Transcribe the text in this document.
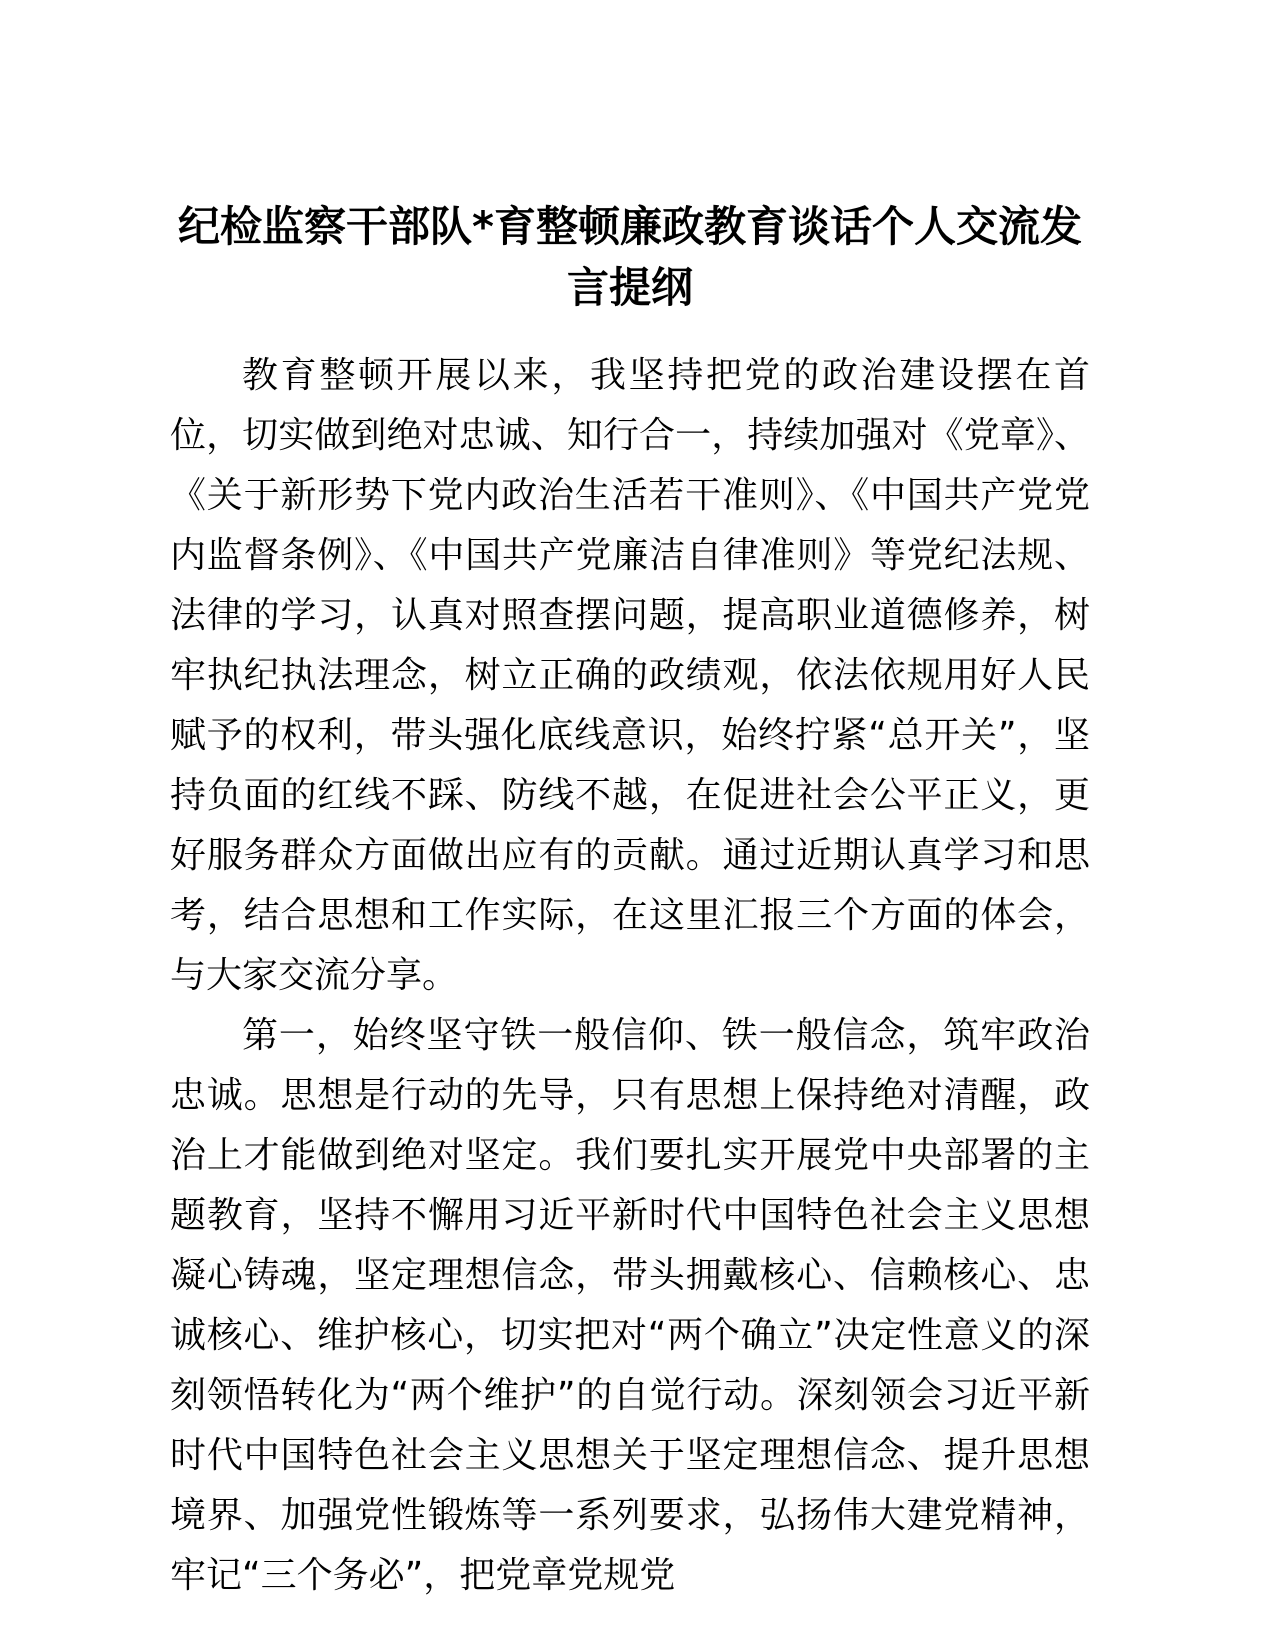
纪检监察干部队*育整顿廉政教育谈话个人交流发言提纲

教育整顿开展以来，我坚持把党的政治建设摆在首位，切实做到绝对忠诚、知行合一，持续加强对《党章》、《关于新形势下党内政治生活若干准则》、《中国共产党党内监督条例》、《中国共产党廉洁自律准则》等党纪法规、法律的学习，认真对照查摆问题，提高职业道德修养，树牢执纪执法理念，树立正确的政绩观，依法依规用好人民赋予的权利，带头强化底线意识，始终拧紧“总开关”，坚持负面的红线不踩、防线不越，在促进社会公平正义，更好服务群众方面做出应有的贡献。通过近期认真学习和思考，结合思想和工作实际，在这里汇报三个方面的体会，与大家交流分享。

第一，始终坚守铁一般信仰、铁一般信念，筑牢政治忠诚。思想是行动的先导，只有思想上保持绝对清醒，政治上才能做到绝对坚定。我们要扎实开展党中央部署的主题教育，坚持不懈用习近平新时代中国特色社会主义思想凝心铸魂，坚定理想信念，带头拥戴核心、信赖核心、忠诚核心、维护核心，切实把对“两个确立”决定性意义的深刻领悟转化为“两个维护”的自觉行动。深刻领会习近平新时代中国特色社会主义思想关于坚定理想信念、提升思想境界、加强党性锻炼等一系列要求，弘扬伟大建党精神，牢记“三个务必”，把党章党规党
